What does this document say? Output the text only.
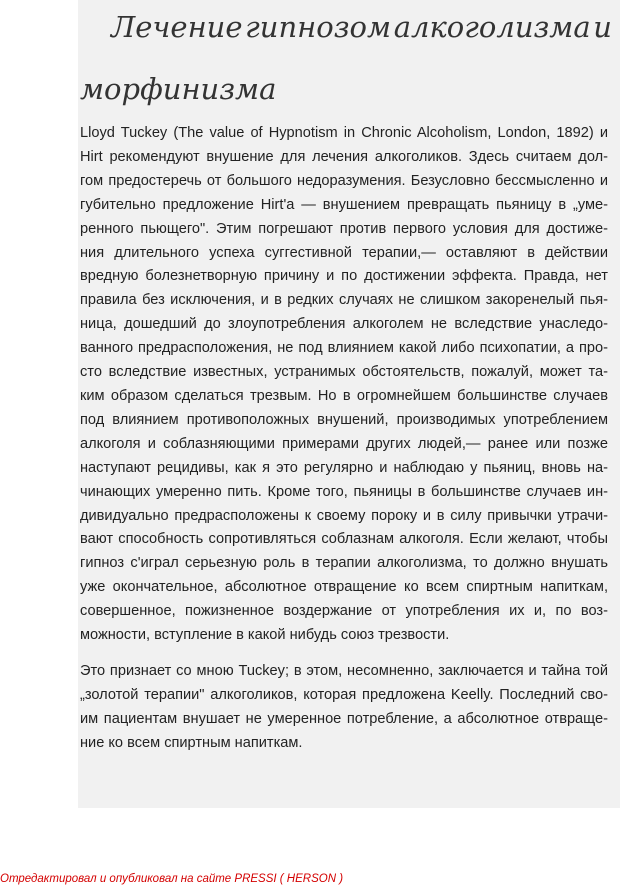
Лечение гипнозом алкоголизма и
морфинизма

Lloyd Tuckey (The value of Hypnotism in Chronic Alcoholism, London, 1892) и
Hirt рекомендуют внушение для лечения алкоголиков. Здесь считаем дол-
гом предостеречь от большого недоразумения. Безусловно бессмысленно и
губительно предложение Hirt'a — внушением превращать пьяницу в „уме-
ренного пьющего". Этим погрешают против первого условия для достиже-
ния длительного успеха суггестивной терапии,— оставляют в действии
вредную болезнетворную причину и по достижении эффекта. Правда, нет
правила без исключения, и в редких случаях не слишком закоренелый пья-
ница, дошедший до злоупотребления алкоголем не вследствие унаследо-
ванного предрасположения, не под влиянием какой либо психопатии, а про-
сто вследствие известных, устранимых обстоятельств, пожалуй, может та-
ким образом сделаться трезвым. Но в огромнейшем большинстве случаев
под влиянием противоположных внушений, производимых употреблением
алкоголя и соблазняющими примерами других людей,— ранее или позже
наступают рецидивы, как я это регулярно и наблюдаю у пьяниц, вновь на-
чинающих умеренно пить. Кроме того, пьяницы в большинстве случаев ин-
дивидуально предрасположены к своему пороку и в силу привычки утрачи-
вают способность сопротивляться соблазнам алкоголя. Если желают, чтобы
гипноз с'играл серьезную роль в терапии алкоголизма, то должно внушать
уже окончательное, абсолютное отвращение ко всем спиртным напиткам,
совершенное, пожизненное воздержание от употребления их и, по воз-
можности, вступление в какой нибудь союз трезвости.

Это признает со мною Tuckey; в этом, несомненно, заключается и тайна той
„золотой терапии" алкоголиков, которая предложена Keelly. Последний сво-
им пациентам внушает не умеренное потребление, а абсолютное отвраще-
ние ко всем спиртным напиткам.

Отредактировал и опубликовал на сайте PRESSI ( HERSON )
